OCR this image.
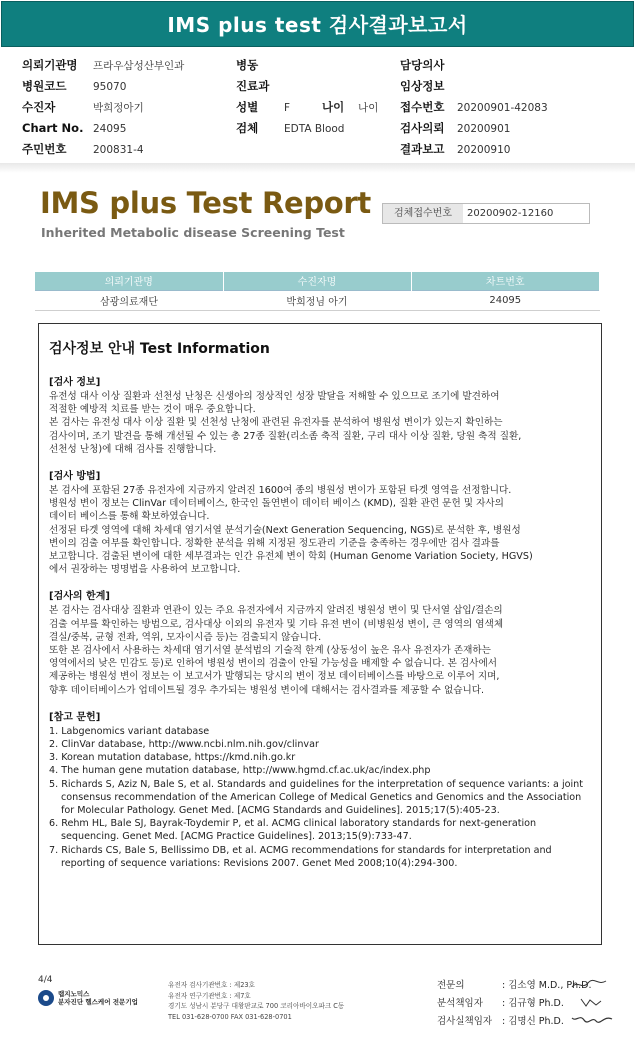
IMS plus test 검사결과보고서
의뢰기관명 프라우삼성산부인과
병원코드	95070
수진자	박희정아기
Chart No. 24095
주민번호	200831-4
병동
진료과
성별 F	나이 나이
검체 EDTA Blood
담당의사
임상정보
접수번호 20200901-42083
검사의뢰 20200901
결과보고 20200910
IMS plus Test Report
Inherited Metabolic disease Screening Test
검체접수번호	20200902-12160
의뢰기관명	수진자명	차트번호
삼광의료재단	박희정님 아기	24095
검사정보 안내 Test Information
[검사 정보]
유전성 대사 이상 질환과 선천성 난청은 신생아의 정상적인 성장 발달을 저해할 수 있으므로 조기에 발견하여
적절한 예방적 치료를 받는 것이 매우 중요합니다.
본 검사는 유전성 대사 이상 질환 및 선천성 난청에 관련된 유전자를 분석하여 병원성 변이가 있는지 확인하는
검사이며, 조기 발견을 통해 개선될 수 있는 총 27종 질환(리소좀 축적 질환, 구리 대사 이상 질환, 당원 축적 질환,
선천성 난청)에 대해 검사를 진행합니다.
[검사 방법]
본 검사에 포함된 27종 유전자에 지금까지 알려진 1600여 종의 병원성 변이가 포함된 타겟 영역을 선정합니다.
병원성 변이 정보는 ClinVar 데이터베이스, 한국인 돌연변이 데이터 베이스 (KMD), 질환 관련 문헌 및 자사의
데이터 베이스를 통해 확보하였습니다.
선정된 타겟 영역에 대해 차세대 염기서열 분석기술(Next Generation Sequencing, NGS)로 분석한 후, 병원성
변이의 검출 여부를 확인합니다. 정확한 분석을 위해 지정된 정도관리 기준을 충족하는 경우에만 검사 결과를
보고합니다. 검출된 변이에 대한 세부결과는 인간 유전체 변이 학회 (Human Genome Variation Society, HGVS)
에서 권장하는 명명법을 사용하여 보고합니다.
[검사의 한계]
본 검사는 검사대상 질환과 연관이 있는 주요 유전자에서 지금까지 알려진 병원성 변이 및 단서열 삽입/결손의
검출 여부를 확인하는 방법으로, 검사대상 이외의 유전자 및 기타 유전 변이 (비병원성 변이, 큰 영역의 염색체
결실/중복, 균형 전좌, 역위, 모자이시즘 등)는 검출되지 않습니다.
또한 본 검사에서 사용하는 차세대 염기서열 분석법의 기술적 한계 (상동성이 높은 유사 유전자가 존재하는
영역에서의 낮은 민감도 등)로 인하여 병원성 변이의 검출이 안될 가능성을 배제할 수 없습니다. 본 검사에서
제공하는 병원성 변이 정보는 이 보고서가 발행되는 당시의 변이 정보 데이터베이스를 바탕으로 이루어 지며,
향후 데이터베이스가 업데이트될 경우 추가되는 병원성 변이에 대해서는 검사결과를 제공할 수 없습니다.
[참고 문헌]
1. Labgenomics variant database
2. ClinVar database, http://www.ncbi.nlm.nih.gov/clinvar
3. Korean mutation database, https://kmd.nih.go.kr
4. The human gene mutation database, http://www.hgmd.cf.ac.uk/ac/index.php
5. Richards S, Aziz N, Bale S, et al. Standards and guidelines for the interpretation of sequence variants: a joint consensus recommendation of the American College of Medical Genetics and Genomics and the Association for Molecular Pathology. Genet Med. [ACMG Standards and Guidelines]. 2015;17(5):405-23.
6. Rehm HL, Bale SJ, Bayrak-Toydemir P, et al. ACMG clinical laboratory standards for next-generation sequencing. Genet Med. [ACMG Practice Guidelines]. 2013;15(9):733-47.
7. Richards CS, Bale S, Bellissimo DB, et al. ACMG recommendations for standards for interpretation and reporting of sequence variations: Revisions 2007. Genet Med 2008;10(4):294-300.
4/4
랩지노믹스
분자진단 헬스케어 전문기업
유전자 검사기관번호 : 제23호
유전자 연구기관번호 : 제7호
경기도 성남시 분당구 대왕판교로 700 코리아바이오파크 C동
TEL 031-628-0700 FAX 031-628-0701
전문의	: 김소영 M.D., Ph.D.
분석책임자 : 김규형 Ph.D.
검사실책임자 : 김명신 Ph.D.
